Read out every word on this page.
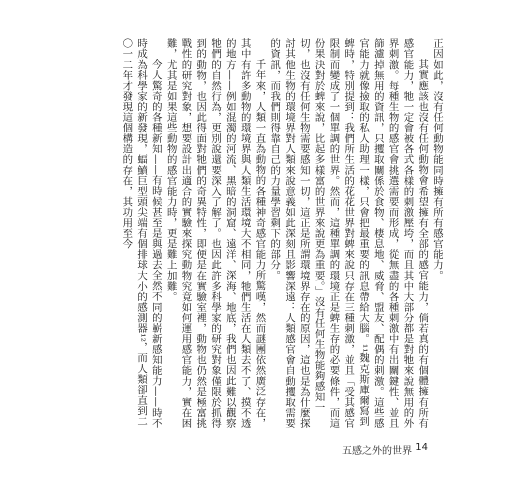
正因如此，沒有任何動物能同時擁有所有感官能力。

其實應該也沒有任何動物會希望擁有全部的感官能力，倘若真的有個體擁有所有感官能力，牠一定會被各式各樣的刺激壓垮，而且其中大部分都是對牠來說無用的外界刺激。每種生物的感官會挑選需要而形成，從無盡的各種刺激中有出關鍵性、並且篩濾掉無用的資訊，只攫取關係於食物、棲息地、威脅、盟友、配偶的刺激。這些感官能力就像撿取的私人助理一樣，只會把最重要的訊息帶給大腦。¹¹魏克斯庫爾寫到蜱時，特別提到：我們所生活的花花世界對蜱來說只存在三種刺激，並且「受其感官限制而變成了一個單調的世界。然而，這種單調的環境正是蜱生存的必要條件，而這份果決對於蜱來說，比起多樣富的世界來說更為重要。」沒有任何生物能夠感知一切，也沒有任何生物需要感知一切，這正是所謂環境界存在的原因，這也是為什麼探討其他生物的環境界對人類來說意義如此深刻且影響深遠：人類感官會自動攫取需要的資訊，而我們則得靠自己的力量學習剩下的部分。

千年來，人類一直為動物的各種神奇感官能力所驚嘆，然而謎團依然廣泛存在，其中有許多動物的環境界與人類生活環境大不相同，牠們生活在人類去不了、摸不透的地方——例如混濁的河流、黑暗的洞窟、遠洋、深海、地底，我們也因此難以觀察牠們的自然行為，更別說還要深入了解了。也因此許多科學家的研究對象僅限於抓得到的動物，也因此得面對牠們的奇異特性，即便是在實驗室裡，動物也仍然是極富挑戰性的研究對象，想要設計出適合的實驗來探究動物究竟如何運用感官能力，實在困難，尤其是如果這些動物的感官能力時，更是難上加難。

今人驚奇的各種新知——有時候甚至是與過去全然不同的嶄新感知能力——時不時成為科學家的新發現，蝠鱝巨型頭尖端有個排球大小的感測器¹²，而人類卻直到二〇一二年才發現這個構造的存在，其功用至今

五感之外的世界 14
